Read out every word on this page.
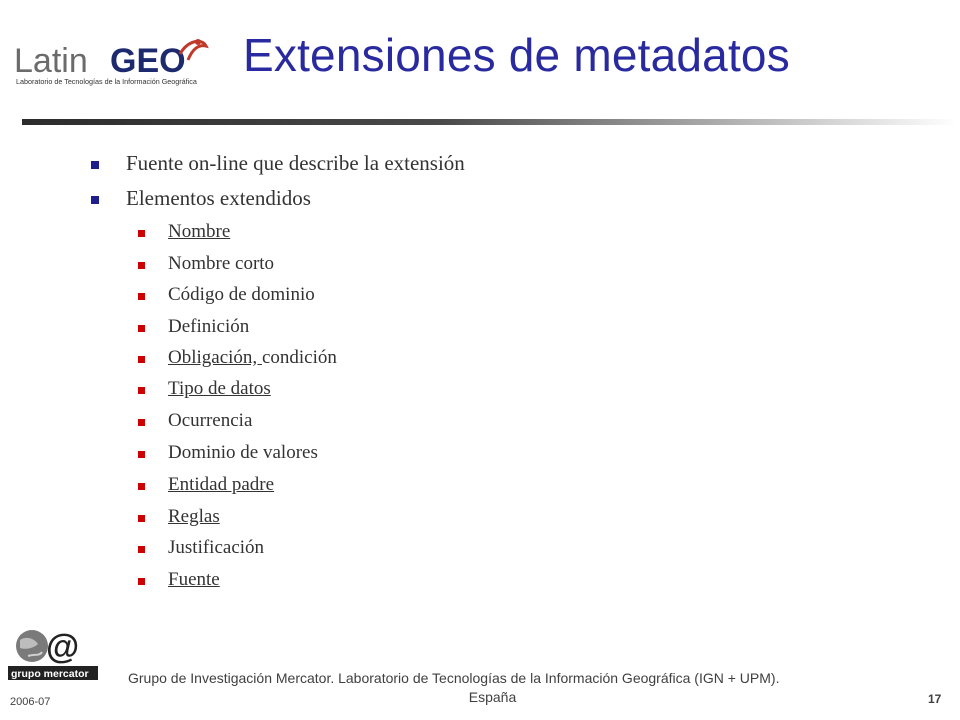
Latin GEO
Laboratorio de Tecnologías de la Información Geográfica
Extensiones de metadatos
Fuente on-line que describe la extensión
Elementos extendidos
Nombre
Nombre corto
Código de dominio
Definición
Obligación, condición
Tipo de datos
Ocurrencia
Dominio de valores
Entidad padre
Reglas
Justificación
Fuente
@
grupo mercator	Grupo de Investigación Mercator. Laboratorio de Tecnologías de la Información Geográfica (IGN + UPM).
España
2006-07	17
